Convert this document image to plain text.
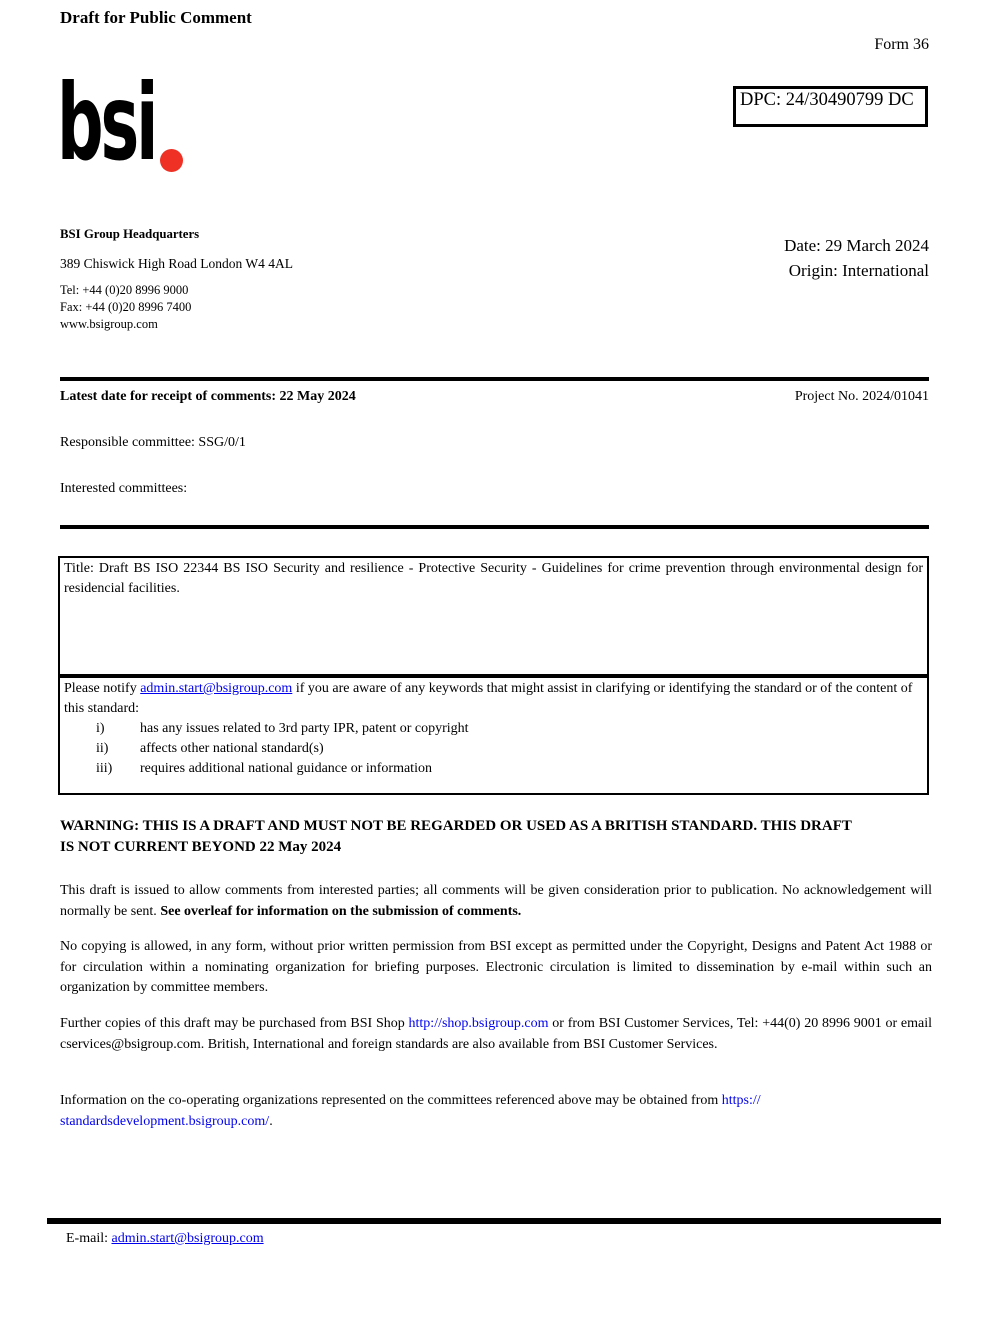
Draft for Public Comment
Form 36
DPC: 24/30490799 DC
bsi
BSI Group Headquarters
389 Chiswick High Road London W4 4AL
Tel: +44 (0)20 8996 9000
Fax: +44 (0)20 8996 7400
www.bsigroup.com
Date: 29 March 2024
Origin: International
Latest date for receipt of comments: 22 May 2024	Project No. 2024/01041
Responsible committee: SSG/0/1
Interested committees:
Title: Draft BS ISO 22344 BS ISO Security and resilience - Protective Security - Guidelines for crime prevention through environmental design for residencial facilities.
Please notify admin.start@bsigroup.com if you are aware of any keywords that might assist in clarifying or identifying the standard or of the content of this standard:
i)	has any issues related to 3rd party IPR, patent or copyright
ii)	affects other national standard(s)
iii)	requires additional national guidance or information
WARNING: THIS IS A DRAFT AND MUST NOT BE REGARDED OR USED AS A BRITISH STANDARD. THIS DRAFT
IS NOT CURRENT BEYOND 22 May 2024
This draft is issued to allow comments from interested parties; all comments will be given consideration prior to publication. No acknowledgement will normally be sent. See overleaf for information on the submission of comments.
No copying is allowed, in any form, without prior written permission from BSI except as permitted under the Copyright, Designs and Patent Act 1988 or for circulation within a nominating organization for briefing purposes. Electronic circulation is limited to dissemination by e-mail within such an organization by committee members.
Further copies of this draft may be purchased from BSI Shop http://shop.bsigroup.com or from BSI Customer Services, Tel: +44(0) 20 8996 9001 or email cservices@bsigroup.com. British, International and foreign standards are also available from BSI Customer Services.
Information on the co-operating organizations represented on the committees referenced above may be obtained from https://
standardsdevelopment.bsigroup.com/.
E-mail: admin.start@bsigroup.com
